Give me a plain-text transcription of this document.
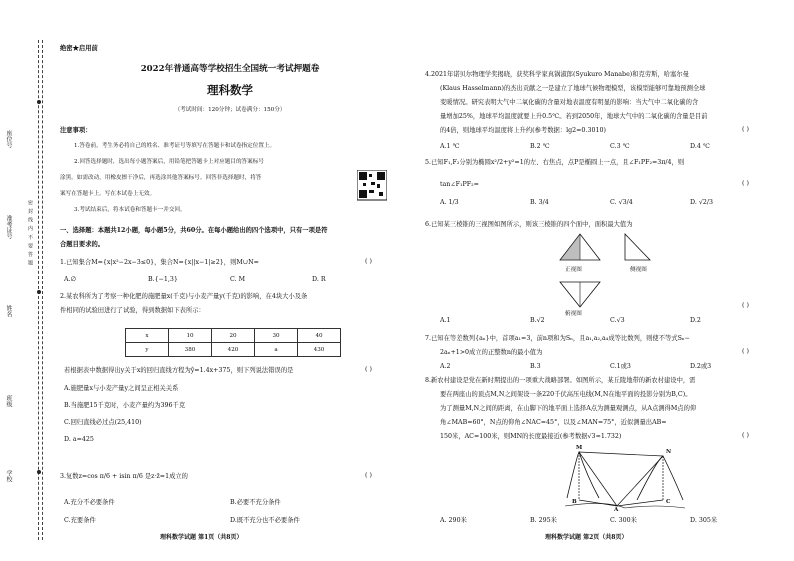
座位号
准考证号
姓名
班级
学校
密 封 线 内 不 要 答 题
绝密★启用前
2022年普通高等学校招生全国统一考试押题卷
理科数学
（考试时间：120分钟；试卷满分：150分）
注意事项：
1.答卷前，考生务必将自己的姓名、准考证号等填写在答题卡和试卷指定位置上。
2.回答选择题时，选出每小题答案后，用铅笔把答题卡上对应题目的答案标号
涂黑。如需改动，用橡皮擦干净后，再选涂其他答案标号。回答非选择题时，将答
案写在答题卡上。写在本试卷上无效。
3.考试结束后，将本试卷和答题卡一并交回。
一、选择题：本题共12小题，每小题5分，共60分。在每小题给出的四个选项中，只有一项是符
合题目要求的。
1.已知集合M={x|x²−2x−3≤0}，集合N={x||x−1|≥2}，则M∪N=	( )
A.∅	B.{−1,3}	C. M	D. R
2.某农科所为了考察一种化肥的施肥量x(千克)与小麦产量y(千克)的影响，在4块大小及条
件相同的试验田进行了试验，得到数据如下表所示：
x	10	20	30	40
y	380	420	a	430
若根据表中数据得出y关于x的回归直线方程为ŷ=1.4x+375，则下列说法错误的是	( )
A.施肥量x与小麦产量y之间呈正相关关系
B.当施肥15千克时，小麦产量约为396千克
C.回归直线必过点(25,410)
D. a=425
3.复数z=cos π/6 + isin π/6 是z·z̄=1成立的	( )
A.充分不必要条件	B.必要不充分条件
C.充要条件	D.既不充分也不必要条件
理科数学试题 第1页（共8页）
4.2021年诺贝尔物理学奖揭晓，获奖科学家真锅淑郎(Syukuro Manabe)和克劳斯，哈塞尔曼
(Klaus Hasselmann)的杰出贡献之一是建立了地球气候物理模型，该模型能够可靠地预测全球
变暖情况。研究表明大气中二氧化碳的含量对地表温度有明显的影响：当大气中二氧化碳的含
量增加25%，地球平均温度就要上升0.5℃。若到2050年，地球大气中的二氧化碳的含量是目前
的4倍，则地球平均温度将上升约(参考数据：lg2=0.3010)	( )
A.1 ℃	B.2 ℃	C.3 ℃	D.4 ℃
5.已知F₁,F₂分别为椭圆x²/2+y²=1的左、右焦点，点P是椭圆上一点，且∠F₁PF₂=3π/4，则
tan∠F₁PF₂=	( )
A. 1/3	B. 3/4	C. √3/4	D. √2/3
6.已知某三棱锥的三视图如图所示，则该三棱锥的四个面中，面积最大值为
正视图	侧视图
俯视图
( )
A.1	B.√2	C.√3	D.2
7.已知在等差数列{aₙ}中，首项a₁=3，前n项和为Sₙ，且a₁,a₂,a₄成等比数列，则使不等式Sₙ−
2aₙ+1>0成立的正整数n的最小值为	( )
A.2	B.3	C.1或3	D.2或3
8.新农村建设是党在新时期提出的一项重大战略部署。如图所示，某丘陵地带的新农村建设中，需
要在两座山的顶点M,N之间架设一条220千伏高压电线(M,N在地平面的投影分别为B,C)。
为了测量M,N之间的距离，在山脚下的地平面上选择A点为测量观测点，从A点测得M点的仰
角∠MAB=60°，N点的仰角∠NAC=45°，以及∠MAN=75°，近似测量出AB=
150米，AC=100米，则MN的长度最接近(参考数据√3≈1.732)	( )
M
N
B
A
C
A. 290米	B. 295米	C. 300米	D. 305米
理科数学试题 第2页（共8页）
